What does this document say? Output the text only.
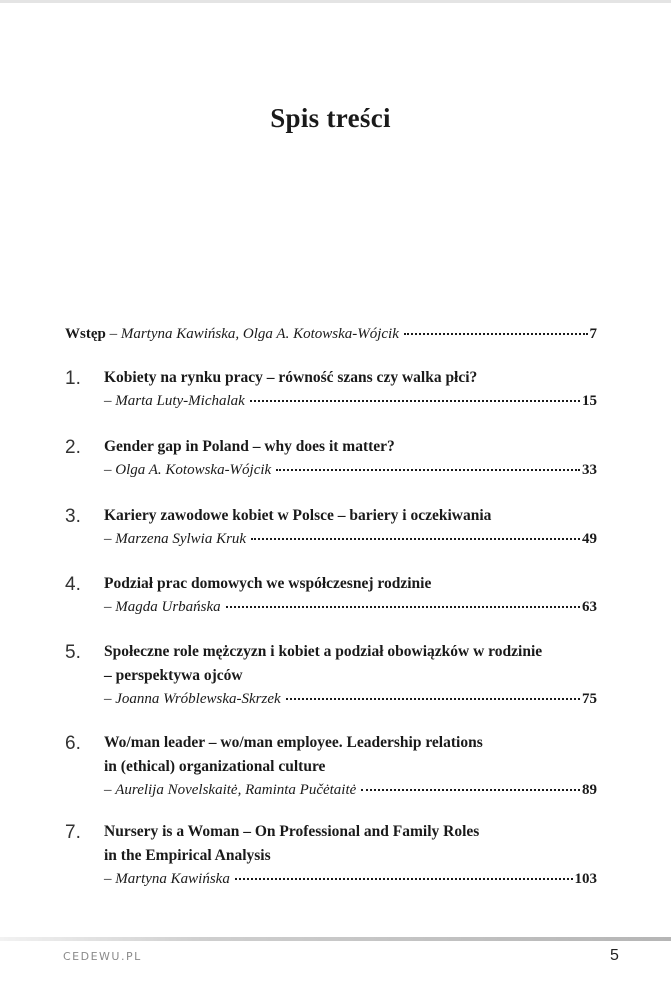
Spis treści
Wstęp – Martyna Kawińska, Olga A. Kotowska-Wójcik	7
1. Kobiety na rynku pracy – równość szans czy walka płci?
– Marta Luty-Michalak	15
2. Gender gap in Poland – why does it matter?
– Olga A. Kotowska-Wójcik	33
3. Kariery zawodowe kobiet w Polsce – bariery i oczekiwania
– Marzena Sylwia Kruk	49
4. Podział prac domowych we współczesnej rodzinie
– Magda Urbańska	63
5. Społeczne role mężczyzn i kobiet a podział obowiązków w rodzinie
– perspektywa ojców
– Joanna Wróblewska-Skrzek	75
6. Wo/man leader – wo/man employee. Leadership relations
in (ethical) organizational culture
– Aurelija Novelskaitė, Raminta Pučėtaitė	89
7. Nursery is a Woman – On Professional and Family Roles
in the Empirical Analysis
– Martyna Kawińska	103
CEDEWU.PL	5
